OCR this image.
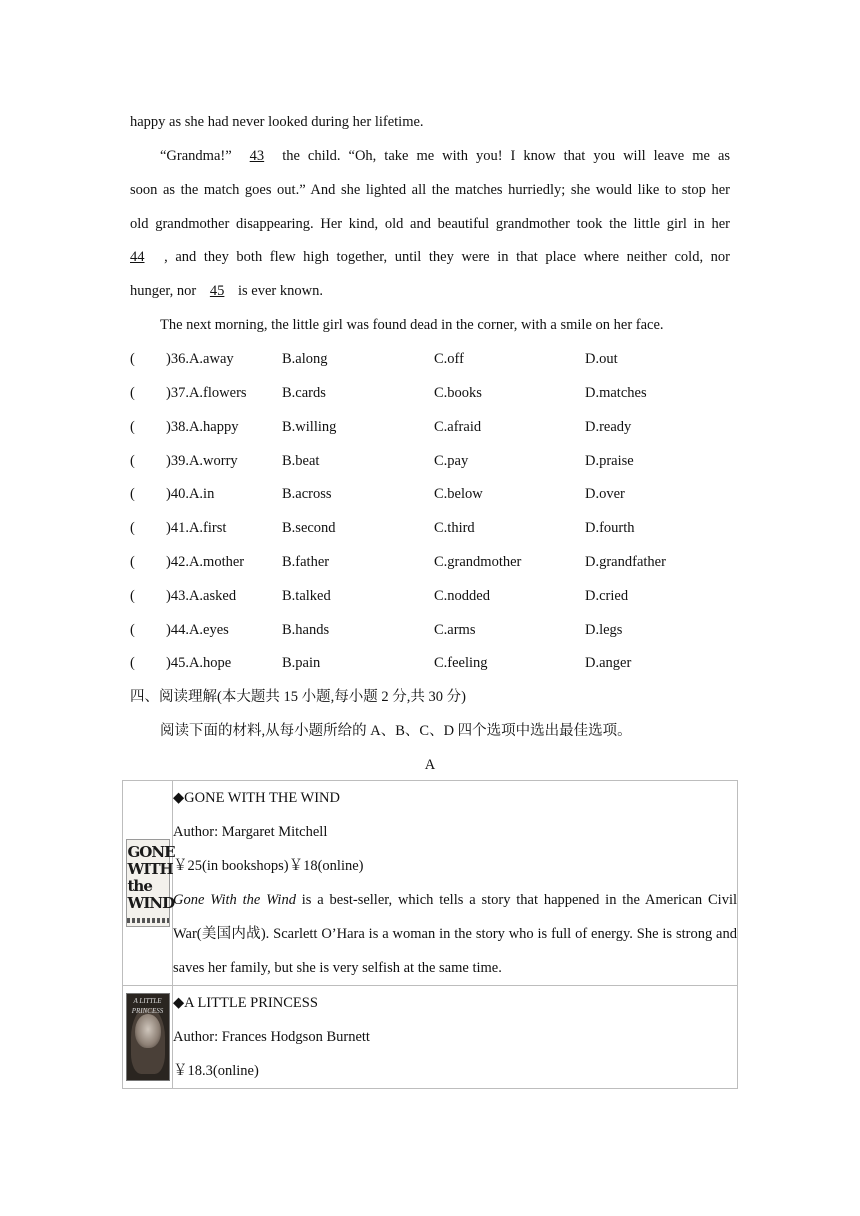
happy as she had never looked during her lifetime.
“Grandma!” 43 the child. “Oh, take me with you! I know that you will leave me as
soon as the match goes out.” And she lighted all the matches hurriedly; she would like to stop her
old grandmother disappearing. Her kind, old and beautiful grandmother took the little girl in her
44 , and they both flew high together, until they were in that place where neither cold, nor
hunger, nor 45 is ever known.
The next morning, the little girl was found dead in the corner, with a smile on her face.
( )36.A.away	B.along	C.off	D.out
( )37.A.flowers B.cards	C.books	D.matches
( )38.A.happy	B.willing	C.afraid	D.ready
( )39.A.worry	B.beat	C.pay	D.praise
( )40.A.in	B.across	C.below	D.over
( )41.A.first	B.second	C.third	D.fourth
( )42.A.mother	B.father	C.grandmother	D.grandfather
( )43.A.asked	B.talked	C.nodded	D.cried
( )44.A.eyes	B.hands	C.arms	D.legs
( )45.A.hope	B.pain	C.feeling	D.anger
四、阅读理解(本大题共 15 小题,每小题 2 分,共 30 分)
阅读下面的材料,从每小题所给的 A、B、C、D 四个选项中选出最佳选项。
A
GONE WITH the WIND	◆GONE WITH THE WIND

Author: Margaret Mitchell

￥25(in bookshops)￥18(online)

Gone With the Wind is a best-seller, which tells a story that happened in the American Civil War(美国内战). Scarlett O’Hara is a woman in the story who is full of energy. She is strong and saves her family, but she is very selfish at the same time.

A LITTLE PRINCESS	◆A LITTLE PRINCESS

Author: Frances Hodgson Burnett

￥18.3(online)
